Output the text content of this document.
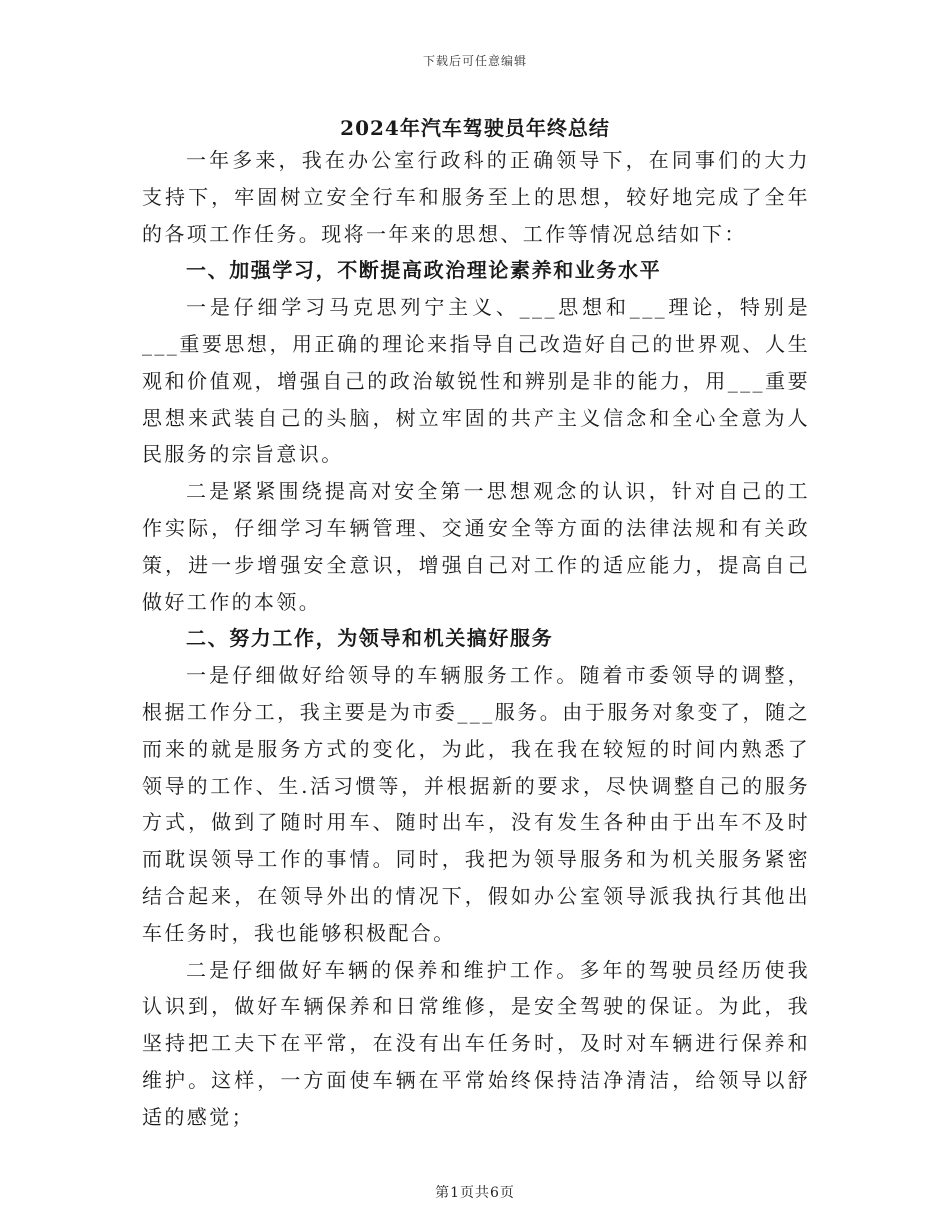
下载后可任意编辑
2024年汽车驾驶员年终总结

一年多来，我在办公室行政科的正确领导下，在同事们的大力支持下，牢固树立安全行车和服务至上的思想，较好地完成了全年的各项工作任务。现将一年来的思想、工作等情况总结如下：

一、加强学习，不断提高政治理论素养和业务水平

一是仔细学习马克思列宁主义、___思想和___理论，特别是___重要思想，用正确的理论来指导自己改造好自己的世界观、人生观和价值观，增强自己的政治敏锐性和辨别是非的能力，用___重要思想来武装自己的头脑，树立牢固的共产主义信念和全心全意为人民服务的宗旨意识。

二是紧紧围绕提高对安全第一思想观念的认识，针对自己的工作实际，仔细学习车辆管理、交通安全等方面的法律法规和有关政策，进一步增强安全意识，增强自己对工作的适应能力，提高自己做好工作的本领。

二、努力工作，为领导和机关搞好服务

一是仔细做好给领导的车辆服务工作。随着市委领导的调整，根据工作分工，我主要是为市委___服务。由于服务对象变了，随之而来的就是服务方式的变化，为此，我在我在较短的时间内熟悉了领导的工作、生.活习惯等，并根据新的要求，尽快调整自己的服务方式，做到了随时用车、随时出车，没有发生各种由于出车不及时而耽误领导工作的事情。同时，我把为领导服务和为机关服务紧密结合起来，在领导外出的情况下，假如办公室领导派我执行其他出车任务时，我也能够积极配合。

二是仔细做好车辆的保养和维护工作。多年的驾驶员经历使我认识到，做好车辆保养和日常维修，是安全驾驶的保证。为此，我坚持把工夫下在平常，在没有出车任务时，及时对车辆进行保养和维护。这样，一方面使车辆在平常始终保持洁净清洁，给领导以舒适的感觉；

第1页共6页
